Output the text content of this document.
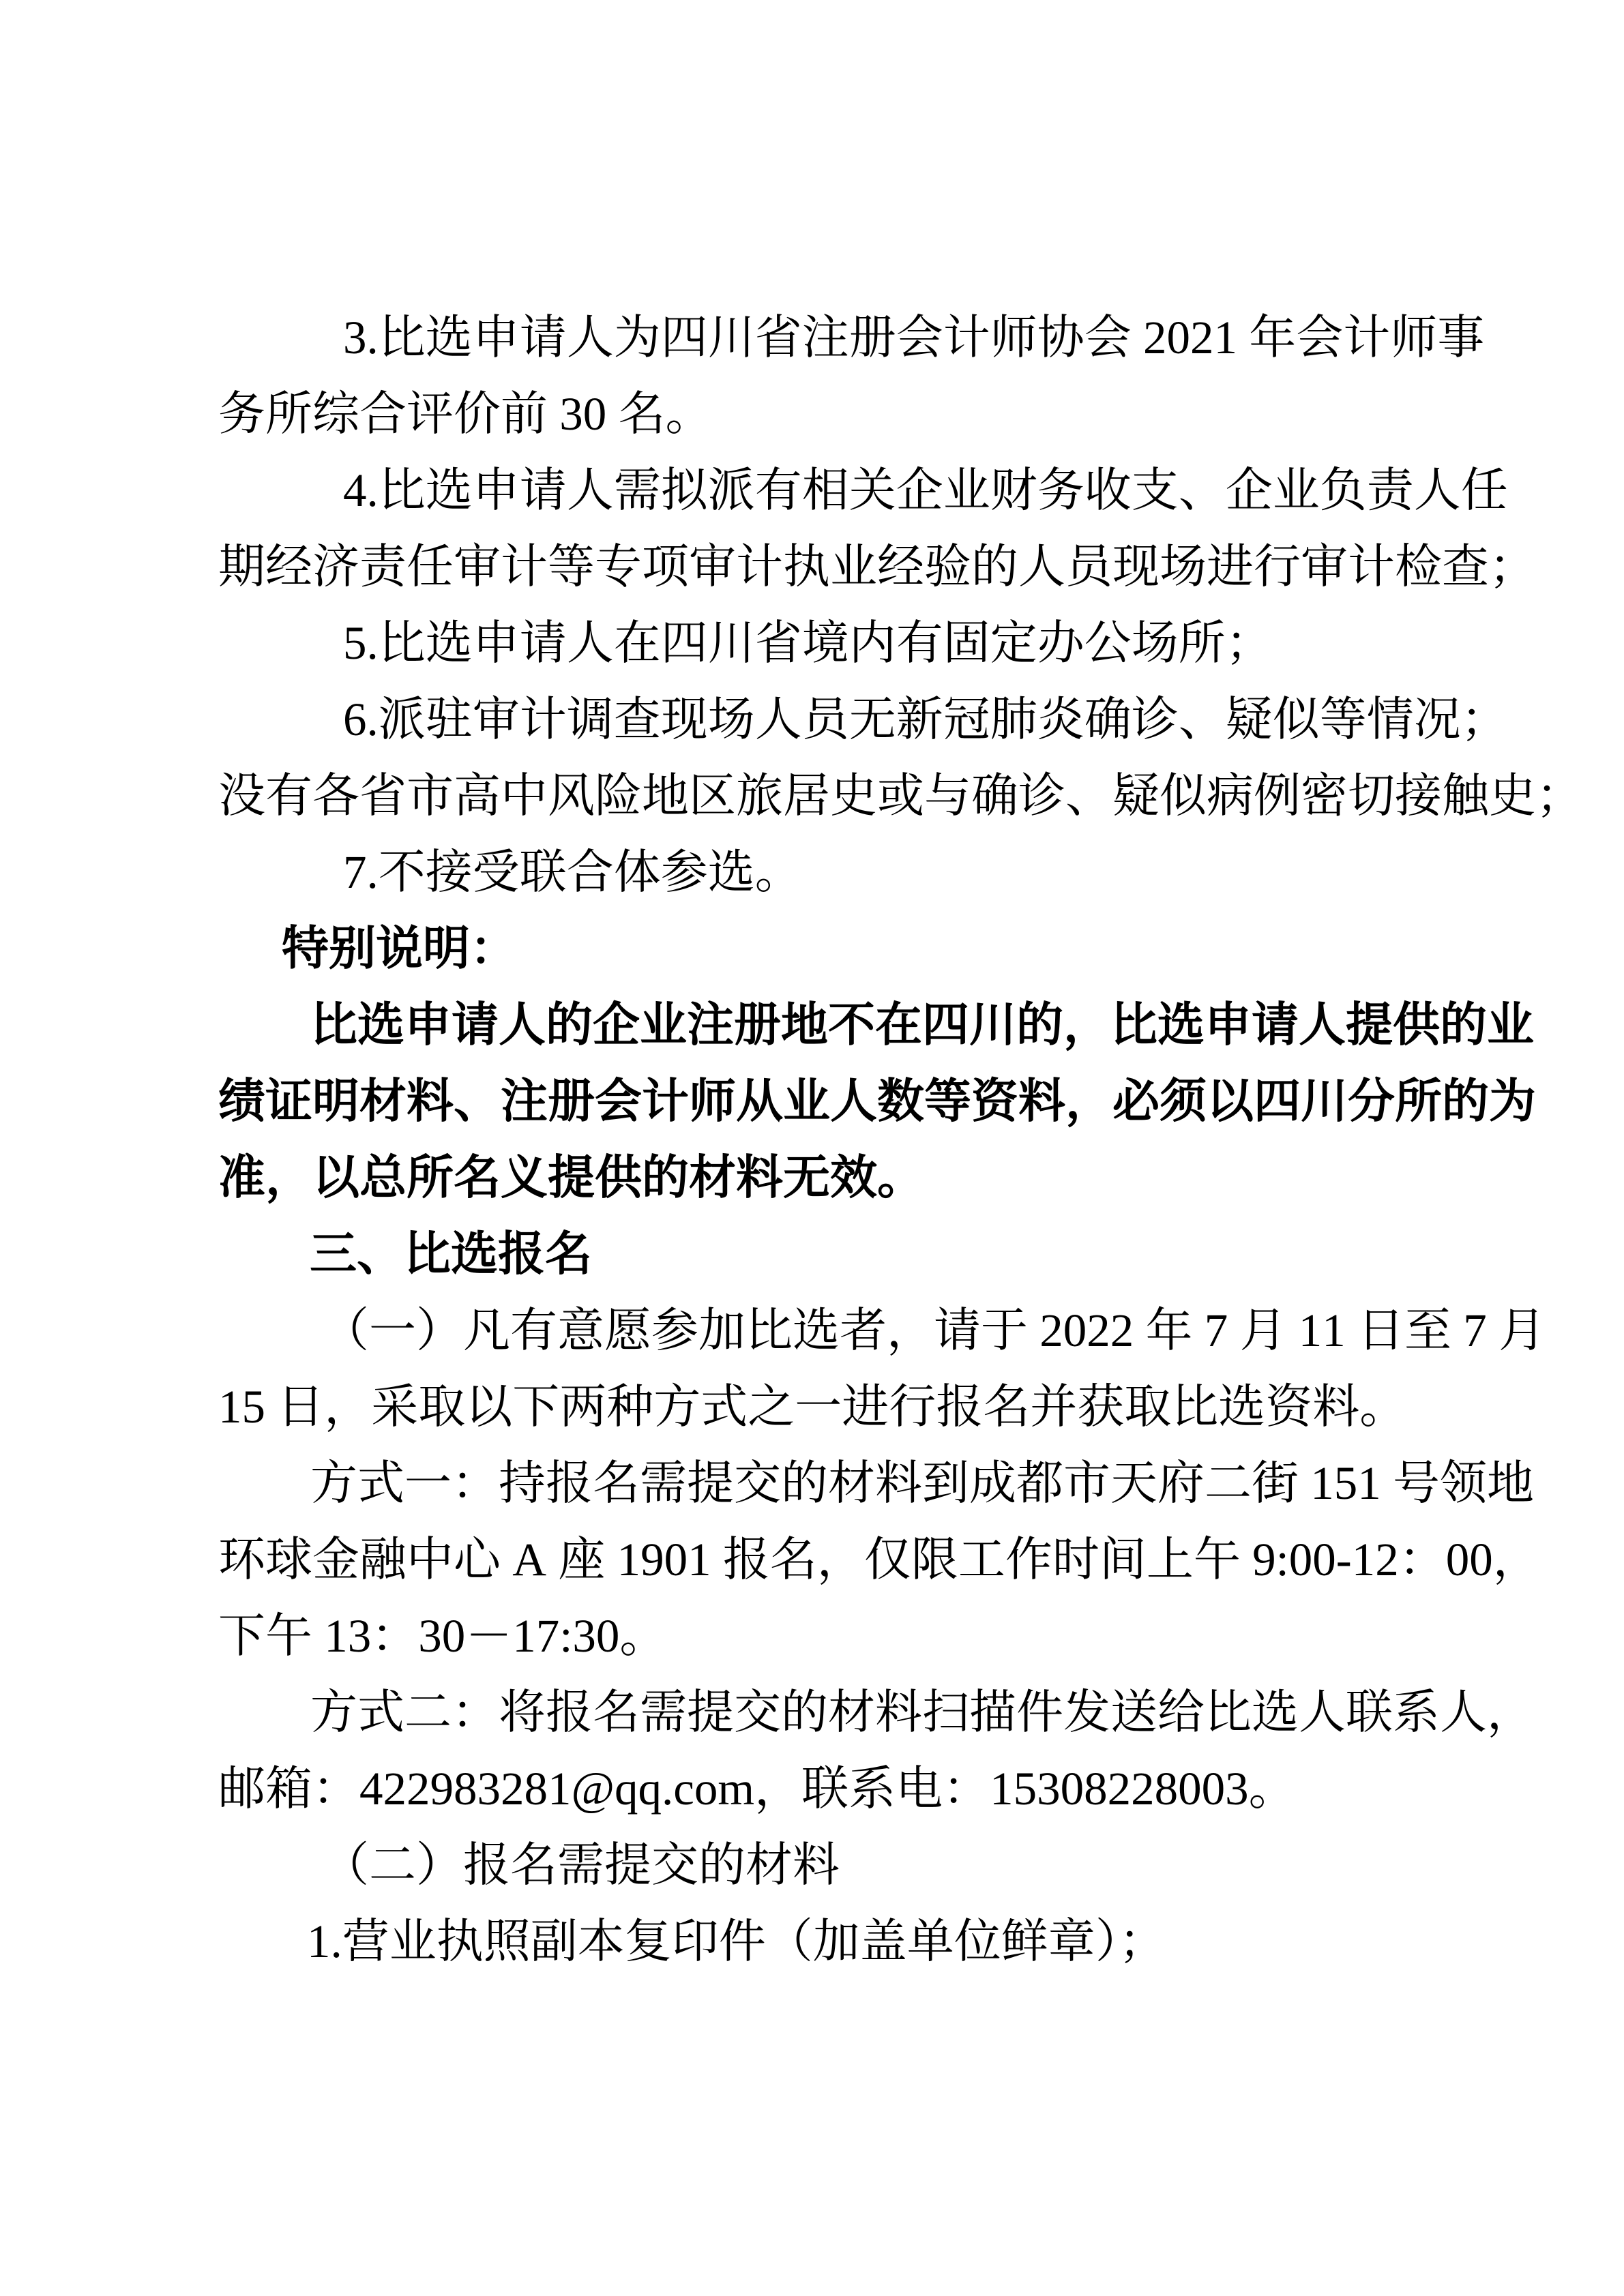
3.比选申请人为四川省注册会计师协会 2021 年会计师事
务所综合评价前 30 名。
4.比选申请人需拟派有相关企业财务收支、企业负责人任
期经济责任审计等专项审计执业经验的人员现场进行审计检查；
5.比选申请人在四川省境内有固定办公场所；
6.派驻审计调查现场人员无新冠肺炎确诊、疑似等情况；
没有各省市高中风险地区旅居史或与确诊、疑似病例密切接触史；
7.不接受联合体参选。
特别说明：
比选申请人的企业注册地不在四川的，比选申请人提供的业
绩证明材料、注册会计师从业人数等资料，必须以四川分所的为
准，以总所名义提供的材料无效。
三、比选报名
（一）凡有意愿参加比选者，请于 2022 年 7 月 11 日至 7 月
15 日，采取以下两种方式之一进行报名并获取比选资料。
方式一：持报名需提交的材料到成都市天府二街 151 号领地
环球金融中心 A 座 1901 报名，仅限工作时间上午 9:00-12：00，
下午 13：30－17:30。
方式二：将报名需提交的材料扫描件发送给比选人联系人，
邮箱：422983281@qq.com，联系电：15308228003。
（二）报名需提交的材料
1.营业执照副本复印件（加盖单位鲜章）；
